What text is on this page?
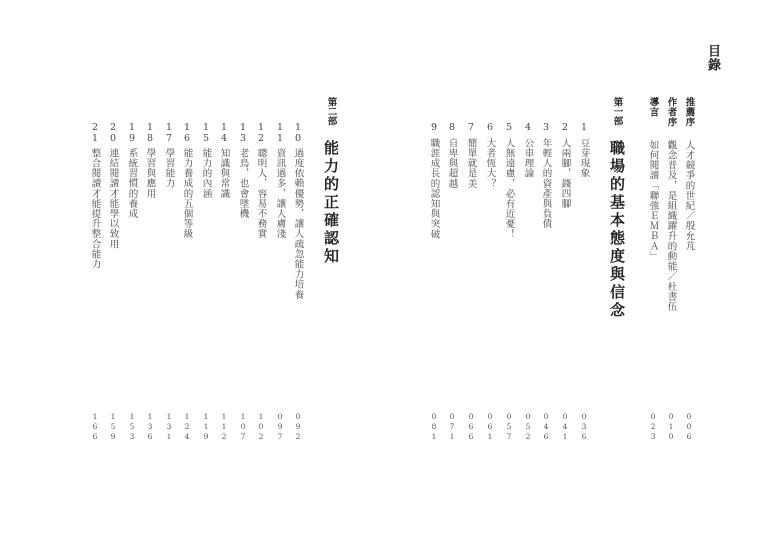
目錄
推薦序
人才競爭的世紀／殷允芃
006
作者序
觀念普及，是組織躍升的動能／杜書伍
010
導言
如何閱讀「聯強ＥＭＢＡ」
023
第一部
職場的基本態度與信念
1
豆芽現象
036
2
人兩腳，錢四腳
041
3
年輕人的資產與負債
046
4
公車理論
052
5
人無遠慮，必有近憂！
057
6
大者恆大？
061
7
簡單就是美
066
8
自卑與超越
071
9
職涯成長的認知與突破
081
第二部
能力的正確認知
10
過度依賴優勢，讓人疏忽能力培養
092
11
資訊過多，讓人膚淺
097
12
聰明人，容易不務實
102
13
老鳥，也會墜機
107
14
知識與常識
112
15
能力的內涵
119
16
能力養成的五個等級
124
17
學習能力
131
18
學習與應用
136
19
系統習慣的養成
153
20
連結閱讀才能學以致用
159
21
整合閱讀才能提升整合能力
166
